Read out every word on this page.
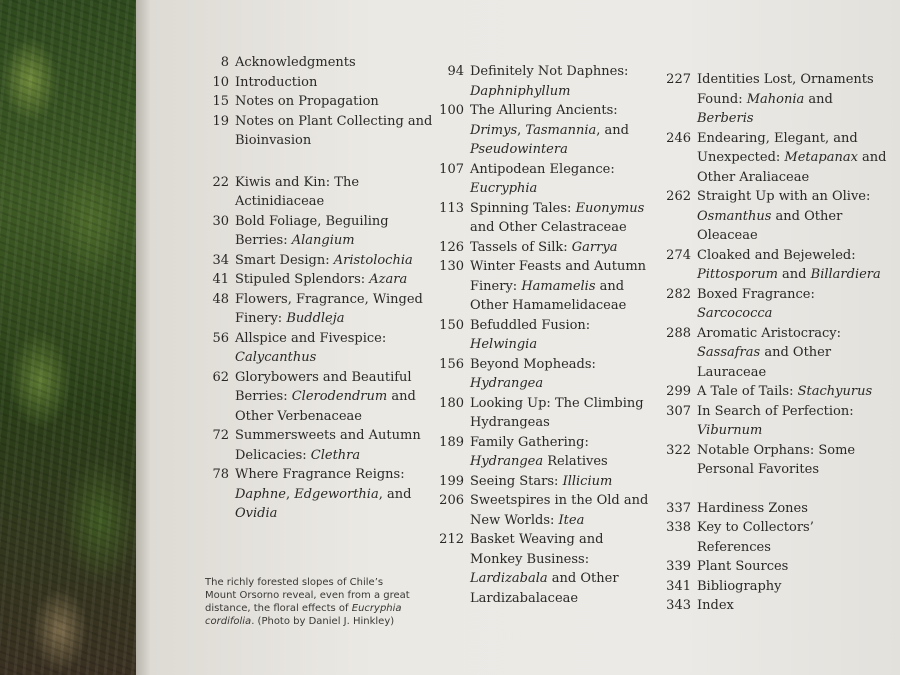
8 Acknowledgments
10 Introduction
15 Notes on Propagation
19 Notes on Plant Collecting and Bioinvasion
22 Kiwis and Kin: The Actinidiaceae
30 Bold Foliage, Beguiling Berries: Alangium
34 Smart Design: Aristolochia
41 Stipuled Splendors: Azara
48 Flowers, Fragrance, Winged Finery: Buddleja
56 Allspice and Fivespice: Calycanthus
62 Glorybowers and Beautiful Berries: Clerodendrum and Other Verbenaceae
72 Summersweets and Autumn Delicacies: Clethra
78 Where Fragrance Reigns: Daphne, Edgeworthia, and Ovidia
94 Definitely Not Daphnes: Daphniphyllum
100 The Alluring Ancients: Drimys, Tasmannia, and Pseudowintera
107 Antipodean Elegance: Eucryphia
113 Spinning Tales: Euonymus and Other Celastraceae
126 Tassels of Silk: Garrya
130 Winter Feasts and Autumn Finery: Hamamelis and Other Hamamelidaceae
150 Befuddled Fusion: Helwingia
156 Beyond Mopheads: Hydrangea
180 Looking Up: The Climbing Hydrangeas
189 Family Gathering: Hydrangea Relatives
199 Seeing Stars: Illicium
206 Sweetspires in the Old and New Worlds: Itea
212 Basket Weaving and Monkey Business: Lardizabala and Other Lardizabalaceae
227 Identities Lost, Ornaments Found: Mahonia and Berberis
246 Endearing, Elegant, and Unexpected: Metapanax and Other Araliaceae
262 Straight Up with an Olive: Osmanthus and Other Oleaceae
274 Cloaked and Bejeweled: Pittosporum and Billardiera
282 Boxed Fragrance: Sarcococca
288 Aromatic Aristocracy: Sassafras and Other Lauraceae
299 A Tale of Tails: Stachyurus
307 In Search of Perfection: Viburnum
322 Notable Orphans: Some Personal Favorites
337 Hardiness Zones
338 Key to Collectors’ References
339 Plant Sources
341 Bibliography
343 Index
The richly forested slopes of Chile’s Mount Orsorno reveal, even from a great distance, the floral effects of Eucryphia cordifolia. (Photo by Daniel J. Hinkley)
